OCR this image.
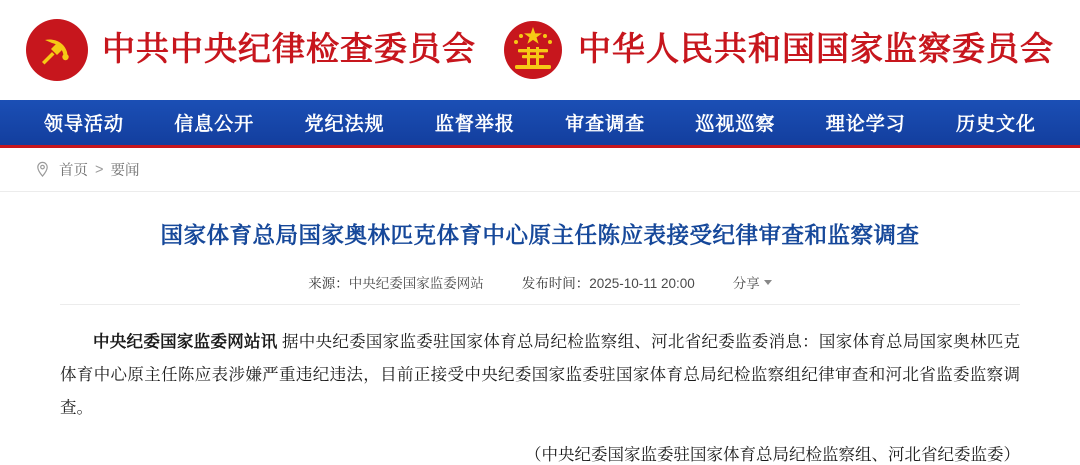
中共中央纪律检查委员会	中华人民共和国国家监察委员会
领导活动	信息公开	党纪法规	监督举报	审查调查	巡视巡察	理论学习	历史文化
首页 > 要闻
国家体育总局国家奥林匹克体育中心原主任陈应表接受纪律审查和监察调查
来源：中央纪委国家监委网站	发布时间：2025-10-11 20:00	分享

中央纪委国家监委网站讯 据中央纪委国家监委驻国家体育总局纪检监察组、河北省纪委监委消息：国家体育总局国家奥林匹克体育中心原主任陈应表涉嫌严重违纪违法，目前正接受中央纪委国家监委驻国家体育总局纪检监察组纪律审查和河北省监委监察调查。

（中央纪委国家监委驻国家体育总局纪检监察组、河北省纪委监委）
